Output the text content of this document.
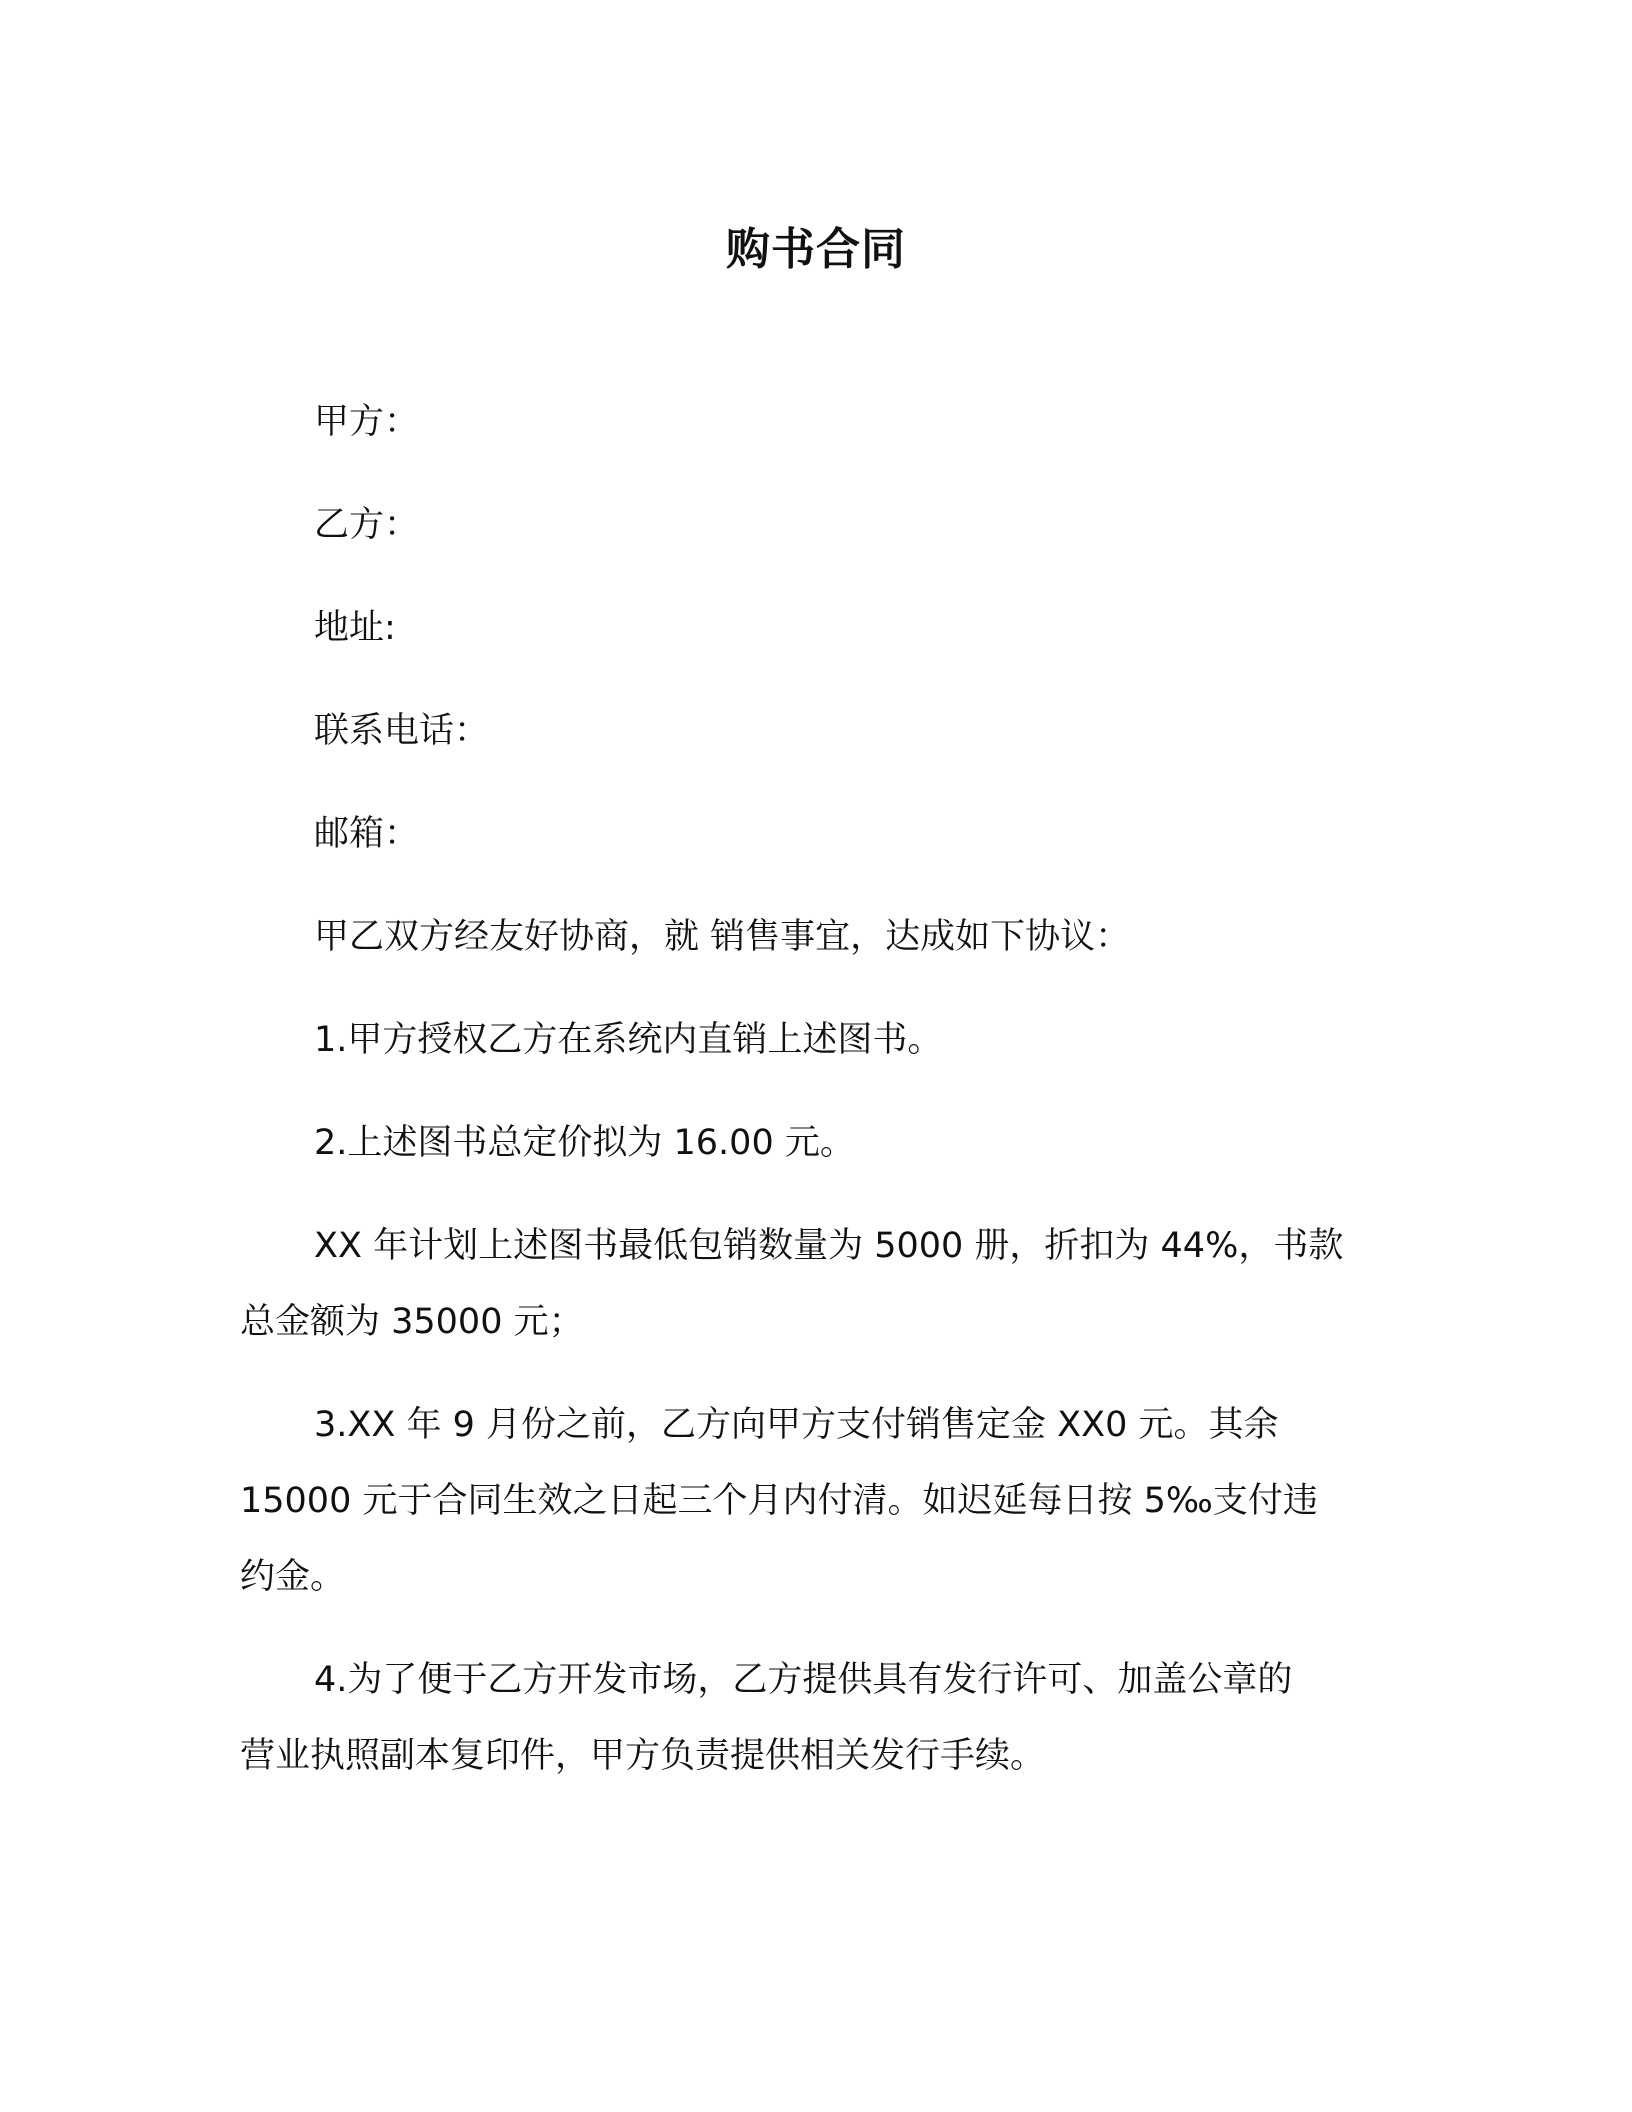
购书合同
甲方：
乙方：
地址:
联系电话：
邮箱：
甲乙双方经友好协商，就 销售事宜，达成如下协议：
1.甲方授权乙方在系统内直销上述图书。
2.上述图书总定价拟为 16.00 元。
XX 年计划上述图书最低包销数量为 5000 册，折扣为 44%，书款
总金额为 35000 元；
3.XX 年 9 月份之前，乙方向甲方支付销售定金 XX0 元。其余
15000 元于合同生效之日起三个月内付清。如迟延每日按 5‰支付违
约金。
4.为了便于乙方开发市场，乙方提供具有发行许可、加盖公章的
营业执照副本复印件，甲方负责提供相关发行手续。
